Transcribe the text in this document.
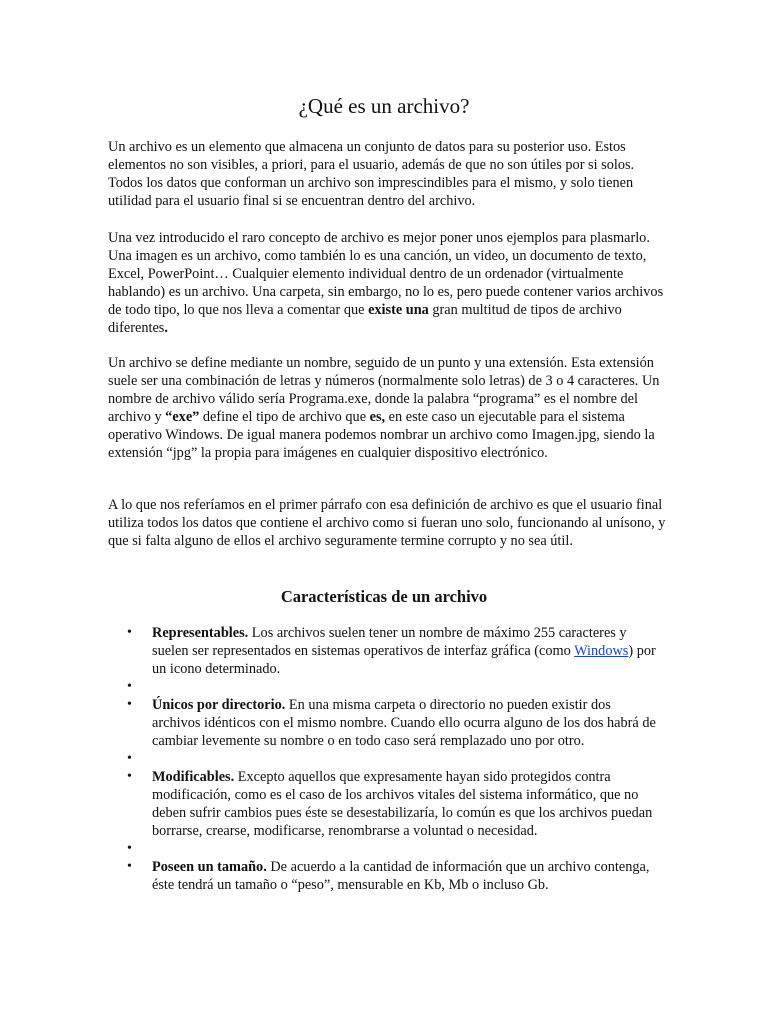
¿Qué es un archivo?

Un archivo es un elemento que almacena un conjunto de datos para su posterior uso. Estos elementos no son visibles, a priori, para el usuario, además de que no son útiles por si solos. Todos los datos que conforman un archivo son imprescindibles para el mismo, y solo tienen utilidad para el usuario final si se encuentran dentro del archivo.

Una vez introducido el raro concepto de archivo es mejor poner unos ejemplos para plasmarlo. Una imagen es un archivo, como también lo es una canción, un video, un documento de texto, Excel, PowerPoint… Cualquier elemento individual dentro de un ordenador (virtualmente hablando) es un archivo. Una carpeta, sin embargo, no lo es, pero puede contener varios archivos de todo tipo, lo que nos lleva a comentar que existe una gran multitud de tipos de archivo diferentes.

Un archivo se define mediante un nombre, seguido de un punto y una extensión. Esta extensión suele ser una combinación de letras y números (normalmente solo letras) de 3 o 4 caracteres. Un nombre de archivo válido sería Programa.exe, donde la palabra “programa” es el nombre del archivo y “exe” define el tipo de archivo que es, en este caso un ejecutable para el sistema operativo Windows. De igual manera podemos nombrar un archivo como Imagen.jpg, siendo la extensión “jpg” la propia para imágenes en cualquier dispositivo electrónico.

A lo que nos referíamos en el primer párrafo con esa definición de archivo es que el usuario final utiliza todos los datos que contiene el archivo como si fueran uno solo, funcionando al unísono, y que si falta alguno de ellos el archivo seguramente termine corrupto y no sea útil.

Características de un archivo
• Representables. Los archivos suelen tener un nombre de máximo 255 caracteres y suelen ser representados en sistemas operativos de interfaz gráfica (como Windows) por un icono determinado.
•
• Únicos por directorio. En una misma carpeta o directorio no pueden existir dos archivos idénticos con el mismo nombre. Cuando ello ocurra alguno de los dos habrá de cambiar levemente su nombre o en todo caso será remplazado uno por otro.
•
• Modificables. Excepto aquellos que expresamente hayan sido protegidos contra modificación, como es el caso de los archivos vitales del sistema informático, que no deben sufrir cambios pues éste se desestabilizaría, lo común es que los archivos puedan borrarse, crearse, modificarse, renombrarse a voluntad o necesidad.
•
• Poseen un tamaño. De acuerdo a la cantidad de información que un archivo contenga, éste tendrá un tamaño o “peso”, mensurable en Kb, Mb o incluso Gb.
